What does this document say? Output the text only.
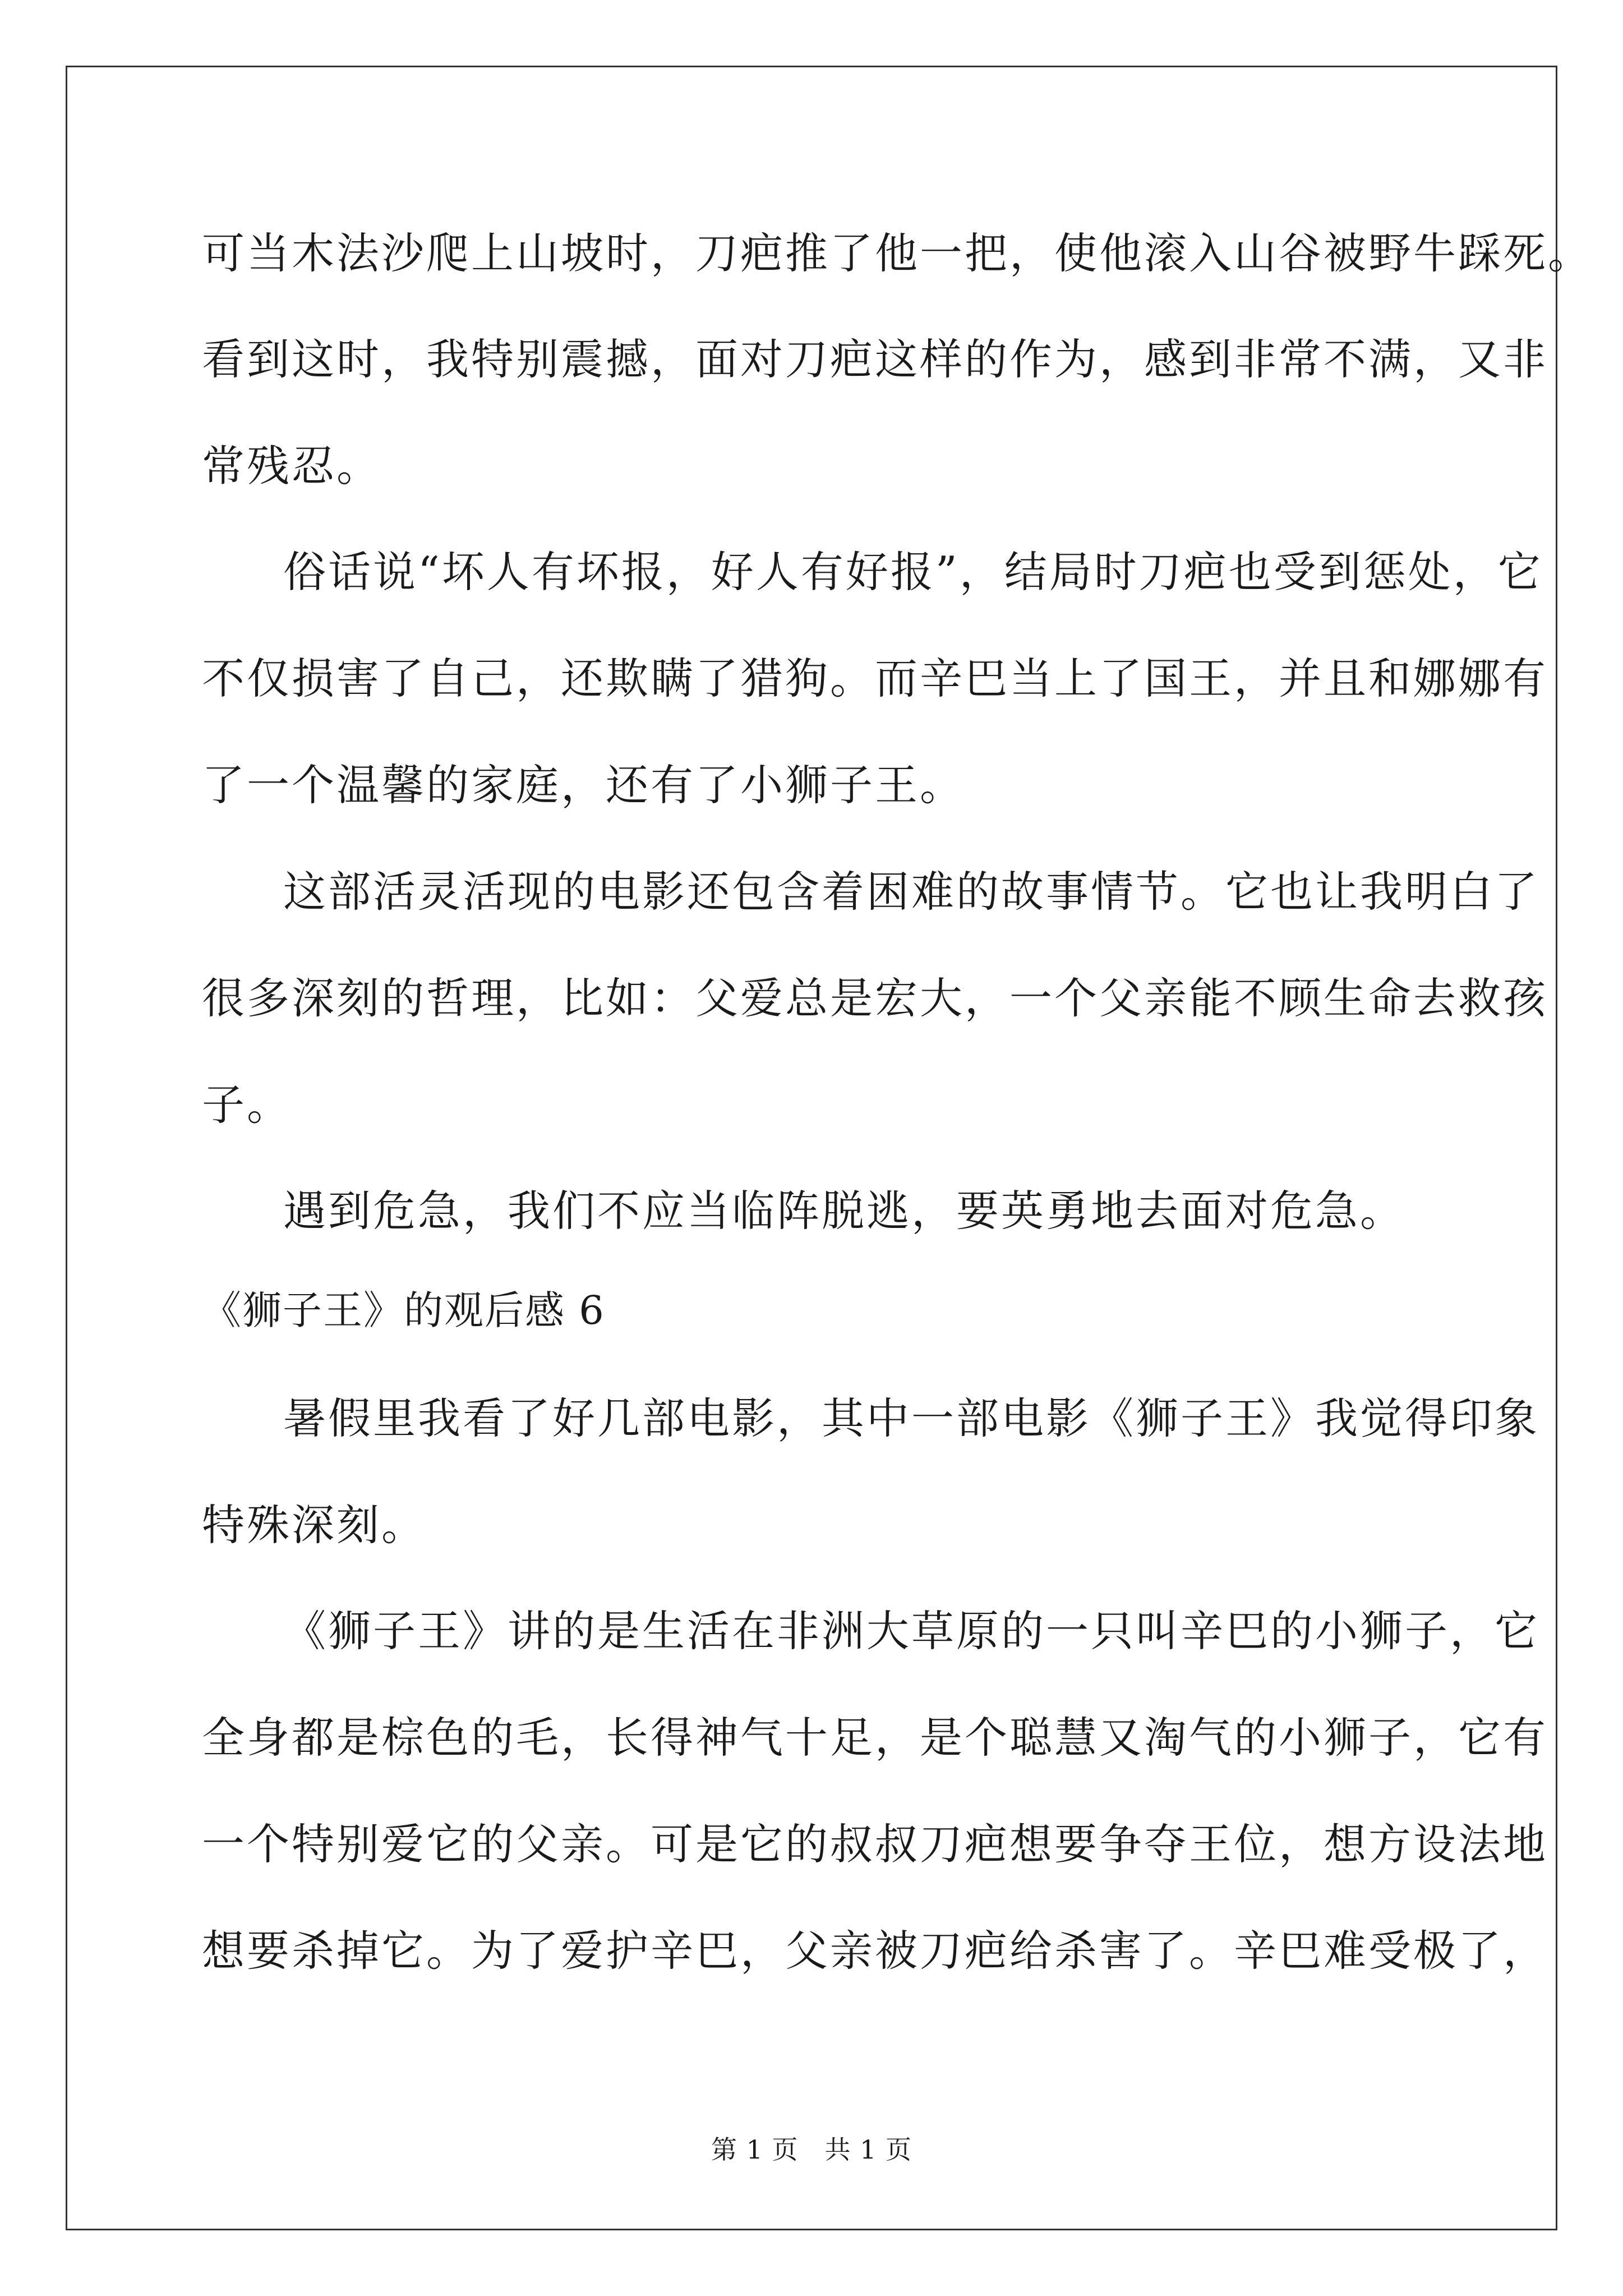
可当木法沙爬上山坡时，刀疤推了他一把，使他滚入山谷被野牛踩死。
看到这时，我特别震撼，面对刀疤这样的作为，感到非常不满，又非
常残忍。
俗话说“坏人有坏报，好人有好报”，结局时刀疤也受到惩处，它
不仅损害了自己，还欺瞒了猎狗。而辛巴当上了国王，并且和娜娜有
了一个温馨的家庭，还有了小狮子王。
这部活灵活现的电影还包含着困难的故事情节。它也让我明白了
很多深刻的哲理，比如：父爱总是宏大，一个父亲能不顾生命去救孩
子。
遇到危急，我们不应当临阵脱逃，要英勇地去面对危急。
《狮子王》的观后感 6
暑假里我看了好几部电影，其中一部电影《狮子王》我觉得印象
特殊深刻。
《狮子王》讲的是生活在非洲大草原的一只叫辛巴的小狮子，它
全身都是棕色的毛，长得神气十足，是个聪慧又淘气的小狮子，它有
一个特别爱它的父亲。可是它的叔叔刀疤想要争夺王位，想方设法地
想要杀掉它。为了爱护辛巴，父亲被刀疤给杀害了。辛巴难受极了，
第 1 页　共 1 页
